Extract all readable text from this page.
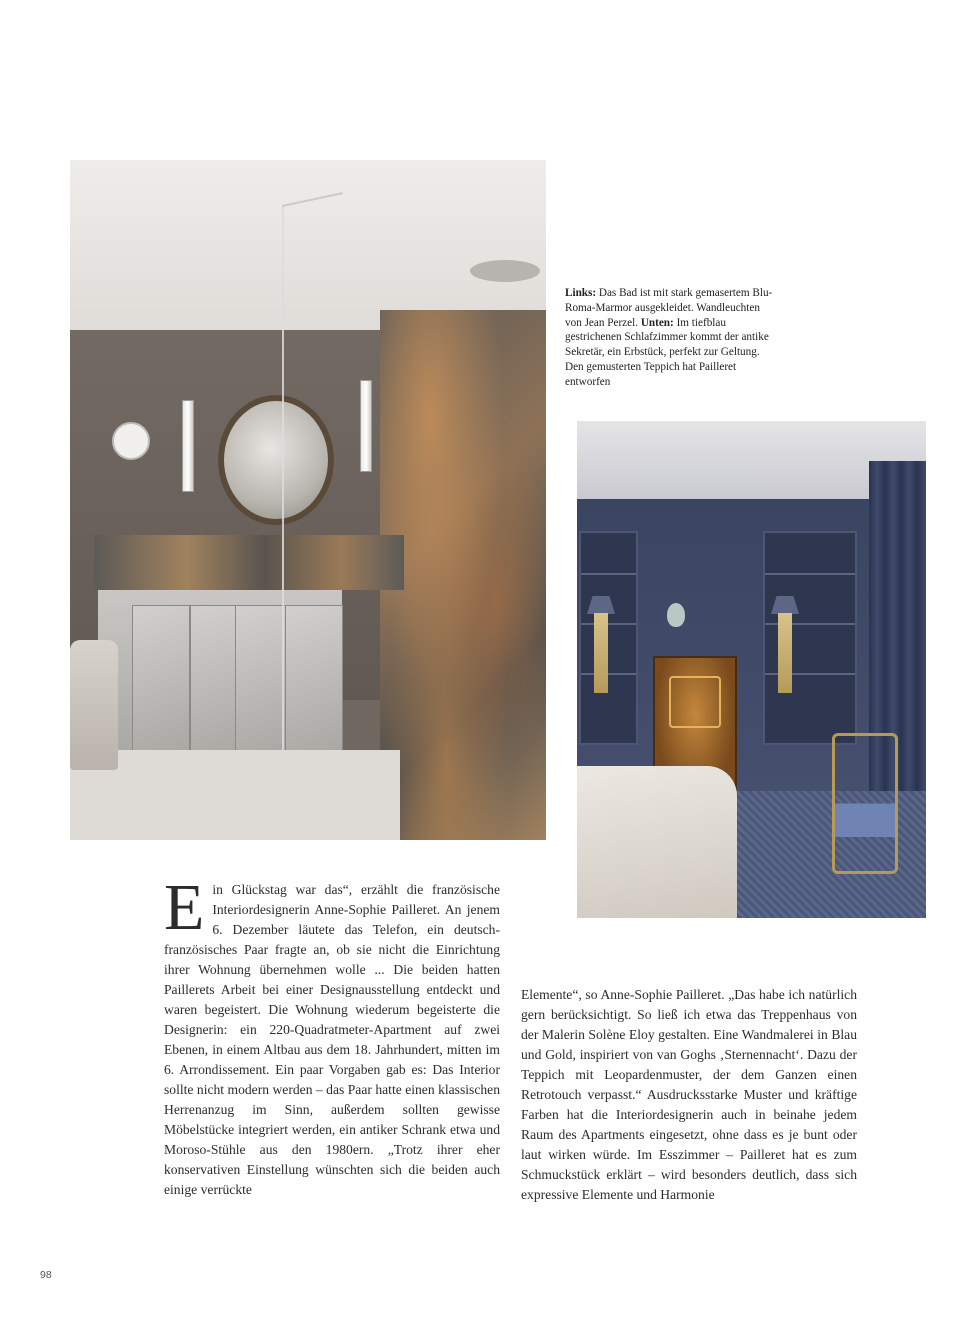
Links: Das Bad ist mit stark gemasertem Blu-Roma-Marmor ausgekleidet. Wandleuchten von Jean Perzel. Unten: Im tiefblau gestrichenen Schlafzimmer kommt der antike Sekretär, ein Erbstück, perfekt zur Geltung. Den gemusterten Teppich hat Pailleret entworfen
E in Glückstag war das“, erzählt die französische Interiordesignerin Anne-Sophie Pailleret. An jenem 6. Dezember läutete das Telefon, ein deutsch-französisches Paar fragte an, ob sie nicht die Einrichtung ihrer Wohnung übernehmen wolle ... Die beiden hatten Paillerets Arbeit bei einer Designausstellung entdeckt und waren begeistert. Die Wohnung wiederum begeisterte die Designerin: ein 220-Quadratmeter-Apartment auf zwei Ebenen, in einem Altbau aus dem 18. Jahrhundert, mitten im 6. Arrondissement. Ein paar Vorgaben gab es: Das Interior sollte nicht modern werden – das Paar hatte einen klassischen Herrenanzug im Sinn, außerdem sollten gewisse Möbelstücke integriert werden, ein antiker Schrank etwa und Moroso-Stühle aus den 1980ern. „Trotz ihrer eher konservativen Einstellung wünschten sich die beiden auch einige verrückte
Elemente“, so Anne-Sophie Pailleret. „Das habe ich natürlich gern berücksichtigt. So ließ ich etwa das Treppenhaus von der Malerin Solène Eloy gestalten. Eine Wandmalerei in Blau und Gold, inspiriert von van Goghs ‚Sternennacht‘. Dazu der Teppich mit Leopardenmuster, der dem Ganzen einen Retrotouch verpasst.“ Ausdrucksstarke Muster und kräftige Farben hat die Interiordesignerin auch in beinahe jedem Raum des Apartments eingesetzt, ohne dass es je bunt oder laut wirken würde. Im Esszimmer – Pailleret hat es zum Schmuckstück erklärt – wird besonders deutlich, dass sich expressive Elemente und Harmonie
98
